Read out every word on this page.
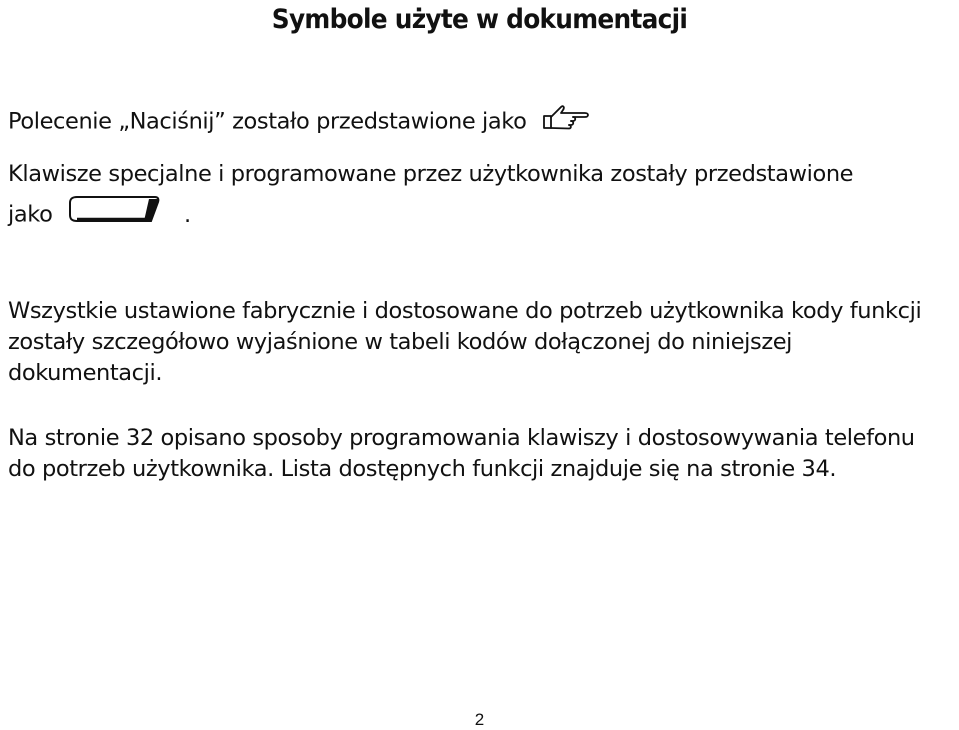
Symbole użyte w dokumentacji
Polecenie „Naciśnij” zostało przedstawione jako
Klawisze specjalne i programowane przez użytkownika zostały przedstawione
jako	.
Wszystkie ustawione fabrycznie i dostosowane do potrzeb użytkownika kody funkcji
zostały szczegółowo wyjaśnione w tabeli kodów dołączonej do niniejszej
dokumentacji.
Na stronie 32 opisano sposoby programowania klawiszy i dostosowywania telefonu
do potrzeb użytkownika. Lista dostępnych funkcji znajduje się na stronie 34.
2
